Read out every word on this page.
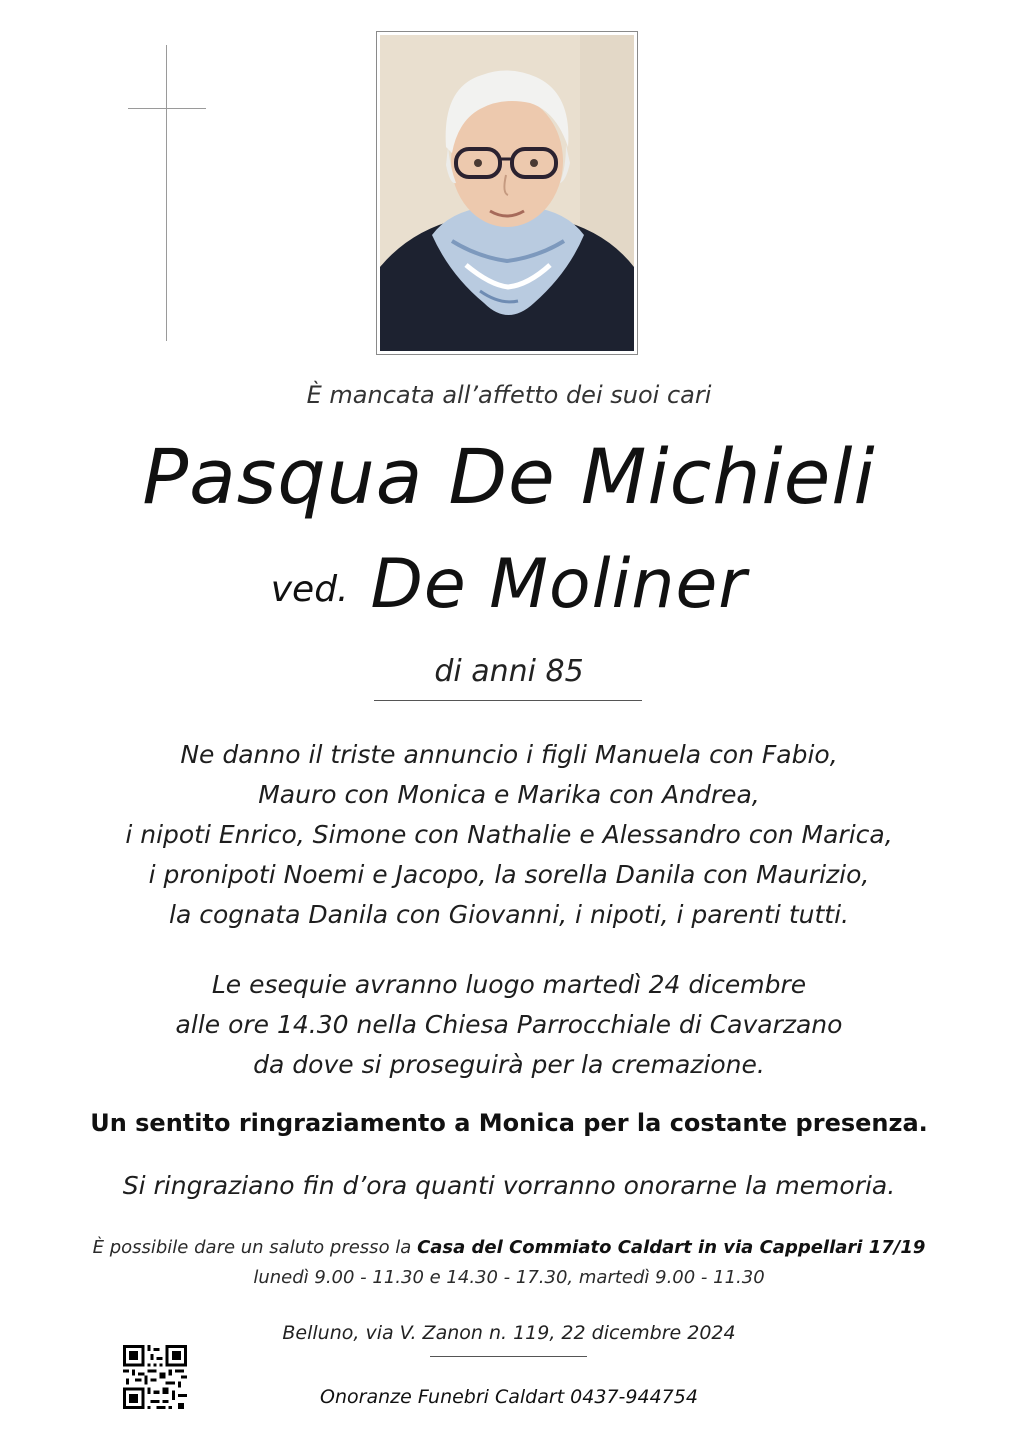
È mancata all’affetto dei suoi cari
Pasqua De Michieli
ved. De Moliner
di anni 85
Ne danno il triste annuncio i figli Manuela con Fabio,
Mauro con Monica e Marika con Andrea,
i nipoti Enrico, Simone con Nathalie e Alessandro con Marica,
i pronipoti Noemi e Jacopo, la sorella Danila con Maurizio,
la cognata Danila con Giovanni, i nipoti, i parenti tutti.
Le esequie avranno luogo martedì 24 dicembre
alle ore 14.30 nella Chiesa Parrocchiale di Cavarzano
da dove si proseguirà per la cremazione.
Un sentito ringraziamento a Monica per la costante presenza.
Si ringraziano fin d’ora quanti vorranno onorarne la memoria.
È possibile dare un saluto presso la Casa del Commiato Caldart in via Cappellari 17/19
lunedì 9.00 - 11.30 e 14.30 - 17.30, martedì 9.00 - 11.30
Belluno, via V. Zanon n. 119, 22 dicembre 2024
Onoranze Funebri Caldart 0437-944754
